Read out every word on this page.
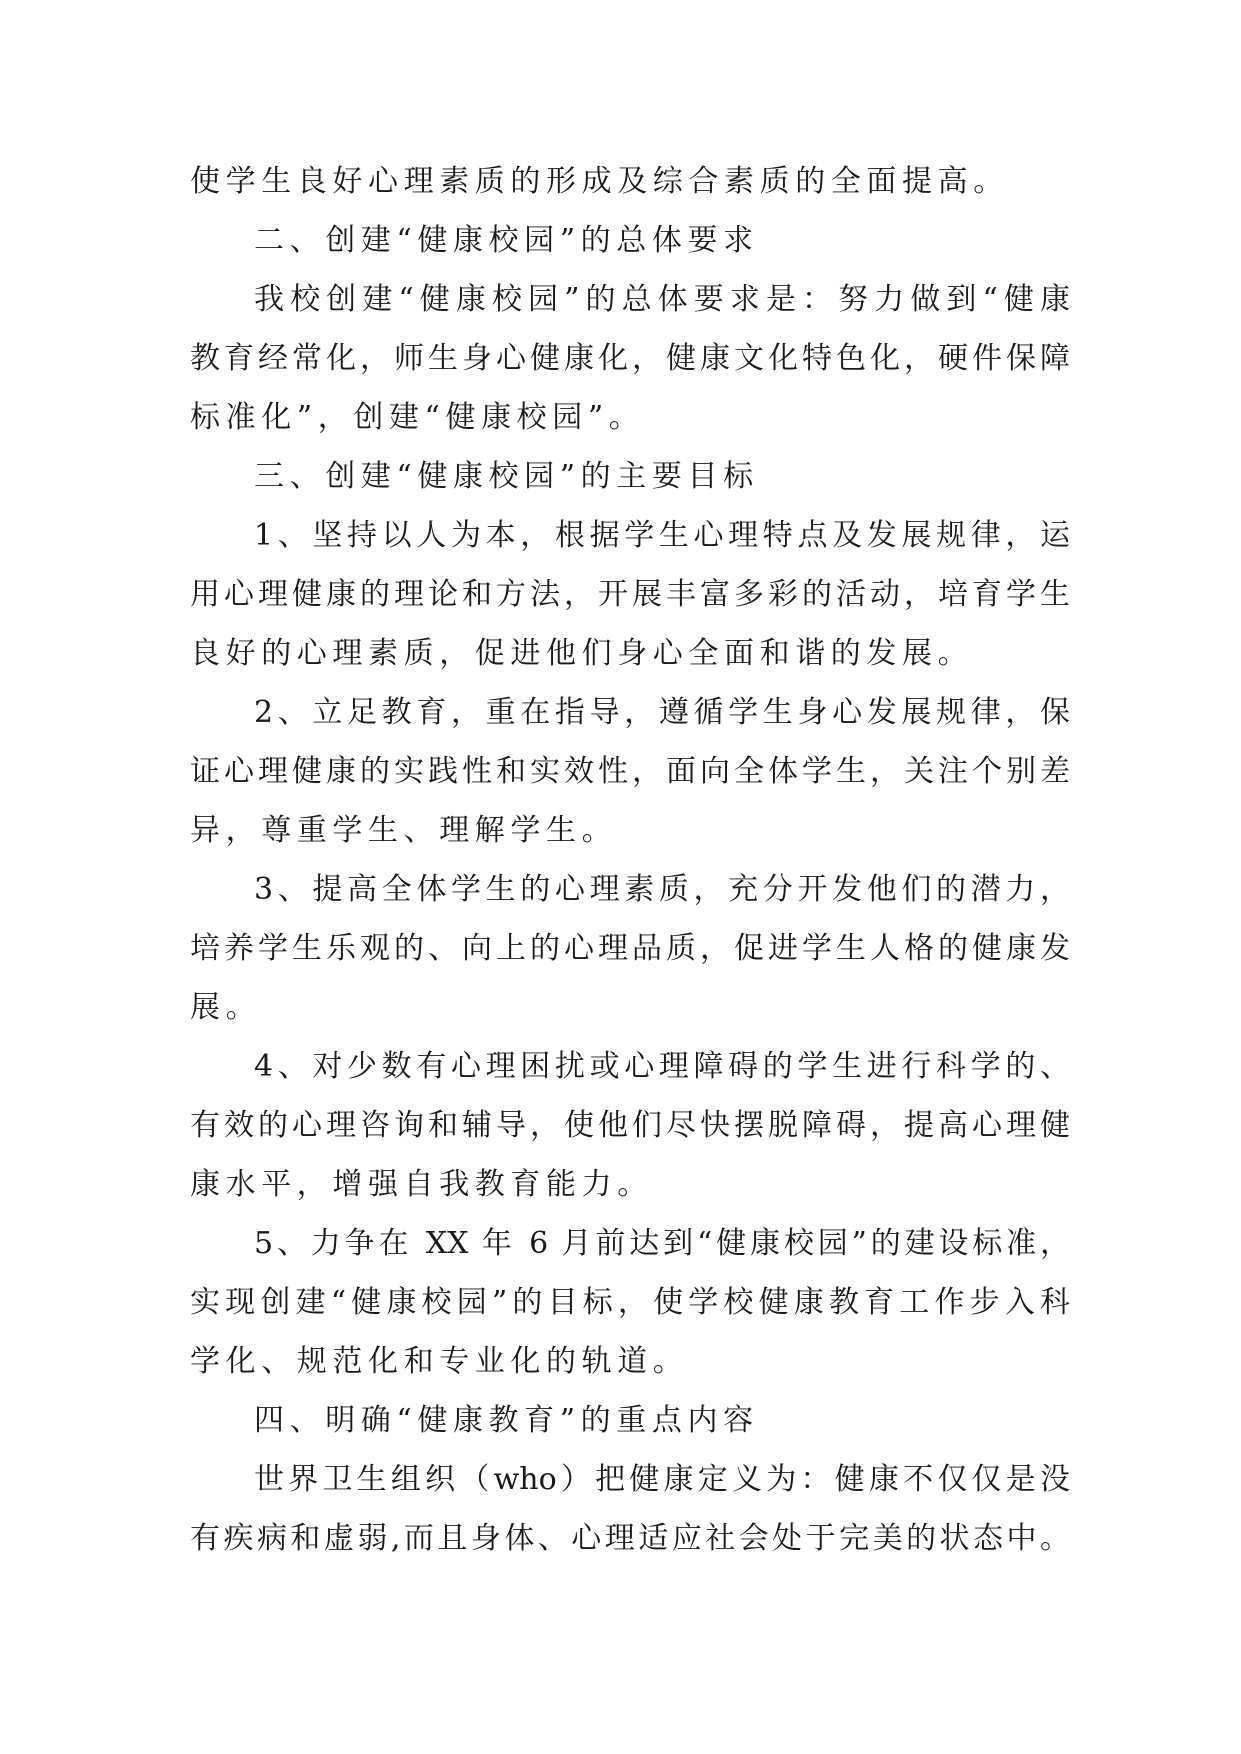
使学生良好心理素质的形成及综合素质的全面提高。
二、创建“健康校园”的总体要求
我校创建“健康校园”的总体要求是：努力做到“健康
教育经常化，师生身心健康化，健康文化特色化，硬件保障
标准化”，创建“健康校园”。
三、创建“健康校园”的主要目标
1、坚持以人为本，根据学生心理特点及发展规律，运
用心理健康的理论和方法，开展丰富多彩的活动，培育学生
良好的心理素质，促进他们身心全面和谐的发展。
2、立足教育，重在指导，遵循学生身心发展规律，保
证心理健康的实践性和实效性，面向全体学生，关注个别差
异，尊重学生、理解学生。
3、提高全体学生的心理素质，充分开发他们的潜力，
培养学生乐观的、向上的心理品质，促进学生人格的健康发
展。
4、对少数有心理困扰或心理障碍的学生进行科学的、
有效的心理咨询和辅导，使他们尽快摆脱障碍，提高心理健
康水平，增强自我教育能力。
5、力争在 XX 年 6 月前达到“健康校园”的建设标准，
实现创建“健康校园”的目标，使学校健康教育工作步入科
学化、规范化和专业化的轨道。
四、明确“健康教育”的重点内容
世界卫生组织（who）把健康定义为：健康不仅仅是没
有疾病和虚弱,而且身体、心理适应社会处于完美的状态中。
